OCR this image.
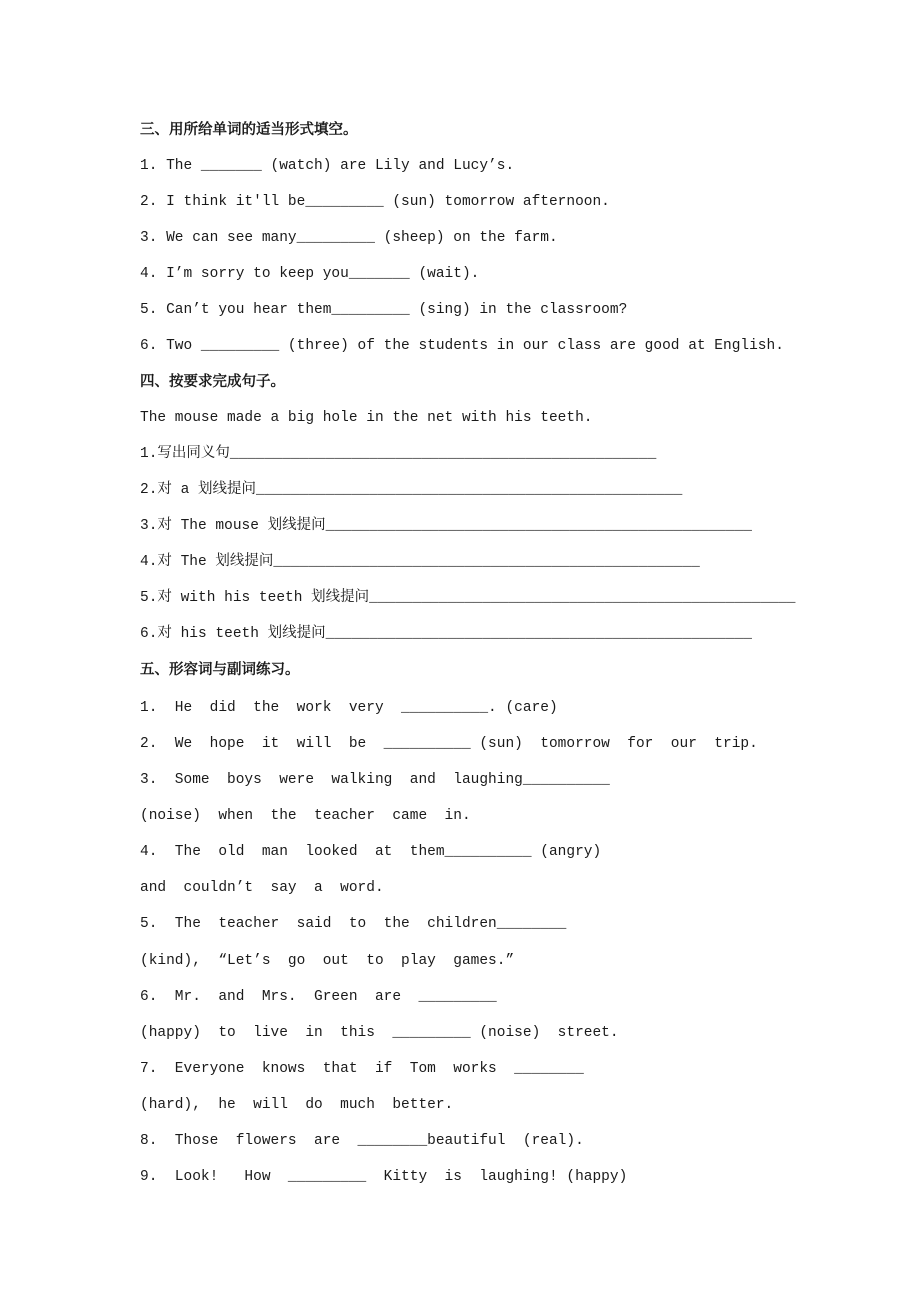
三、用所给单词的适当形式填空。
1. The _______ (watch) are Lily and Lucy’s.
2. I think it'll be_________ (sun) tomorrow afternoon.
3. We can see many_________ (sheep) on the farm.
4. I’m sorry to keep you_______ (wait).
5. Can’t you hear them_________ (sing) in the classroom?
6. Two _________ (three) of the students in our class are good at English.
四、按要求完成句子。
The mouse made a big hole in the net with his teeth.
1.写出同义句_________________________________________________
2.对 a 划线提问_________________________________________________
3.对 The mouse 划线提问_________________________________________________
4.对 The 划线提问_________________________________________________
5.对 with his teeth 划线提问_________________________________________________
6.对 his teeth 划线提问_________________________________________________
五、形容词与副词练习。
1.  He  did  the  work  very  __________. (care)
2.  We  hope  it  will  be  __________ (sun)  tomorrow  for  our  trip.
3.  Some  boys  were  walking  and  laughing__________
(noise)  when  the  teacher  came  in.
4.  The  old  man  looked  at  them__________ (angry)
and  couldn’t  say  a  word.
5.  The  teacher  said  to  the  children________
(kind),  “Let’s  go  out  to  play  games.”
6.  Mr.  and  Mrs.  Green  are  _________
(happy)  to  live  in  this  _________ (noise)  street.
7.  Everyone  knows  that  if  Tom  works  ________
(hard),  he  will  do  much  better.
8.  Those  flowers  are  ________beautiful  (real).
9.  Look!   How  _________  Kitty  is  laughing! (happy)
